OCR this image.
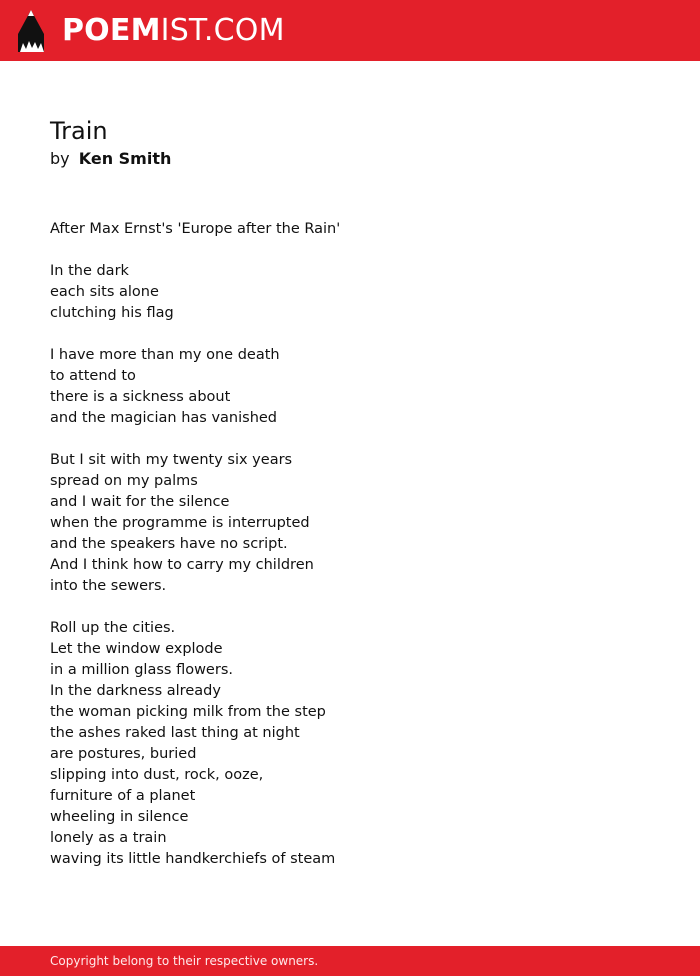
POEMIST.COM
Train
by Ken Smith
After Max Ernst's 'Europe after the Rain'
In the dark
each sits alone
clutching his flag
I have more than my one death
to attend to
there is a sickness about
and the magician has vanished
But I sit with my twenty six years
spread on my palms
and I wait for the silence
when the programme is interrupted
and the speakers have no script.
And I think how to carry my children
into the sewers.
Roll up the cities.
Let the window explode
in a million glass flowers.
In the darkness already
the woman picking milk from the step
the ashes raked last thing at night
are postures, buried
slipping into dust, rock, ooze,
furniture of a planet
wheeling in silence
lonely as a train
waving its little handkerchiefs of steam
Copyright belong to their respective owners.
